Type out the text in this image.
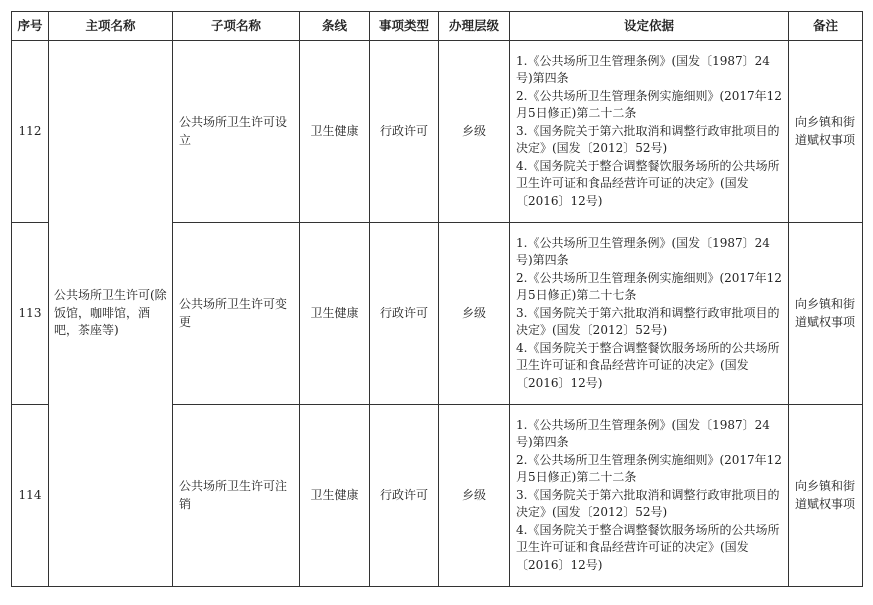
序号	主项名称	子项名称	条线	事项类型	办理层级	设定依据	备注
112	公共场所卫生许可(除饭馆，咖啡馆，酒吧，茶座等)	公共场所卫生许可设立	卫生健康	行政许可	乡级	1.《公共场所卫生管理条例》(国发〔1987〕24号)第四条
2.《公共场所卫生管理条例实施细则》(2017年12月5日修正)第二十二条
3.《国务院关于第六批取消和调整行政审批项目的决定》(国发〔2012〕52号)
4.《国务院关于整合调整餐饮服务场所的公共场所卫生许可证和食品经营许可证的决定》(国发〔2016〕12号)	向乡镇和街道赋权事项
113		公共场所卫生许可变更	卫生健康	行政许可	乡级	1.《公共场所卫生管理条例》(国发〔1987〕24号)第四条
2.《公共场所卫生管理条例实施细则》(2017年12月5日修正)第二十七条
3.《国务院关于第六批取消和调整行政审批项目的决定》(国发〔2012〕52号)
4.《国务院关于整合调整餐饮服务场所的公共场所卫生许可证和食品经营许可证的决定》(国发〔2016〕12号)	向乡镇和街道赋权事项
114		公共场所卫生许可注销	卫生健康	行政许可	乡级	1.《公共场所卫生管理条例》(国发〔1987〕24号)第四条
2.《公共场所卫生管理条例实施细则》(2017年12月5日修正)第二十二条
3.《国务院关于第六批取消和调整行政审批项目的决定》(国发〔2012〕52号)
4.《国务院关于整合调整餐饮服务场所的公共场所卫生许可证和食品经营许可证的决定》(国发〔2016〕12号)	向乡镇和街道赋权事项
